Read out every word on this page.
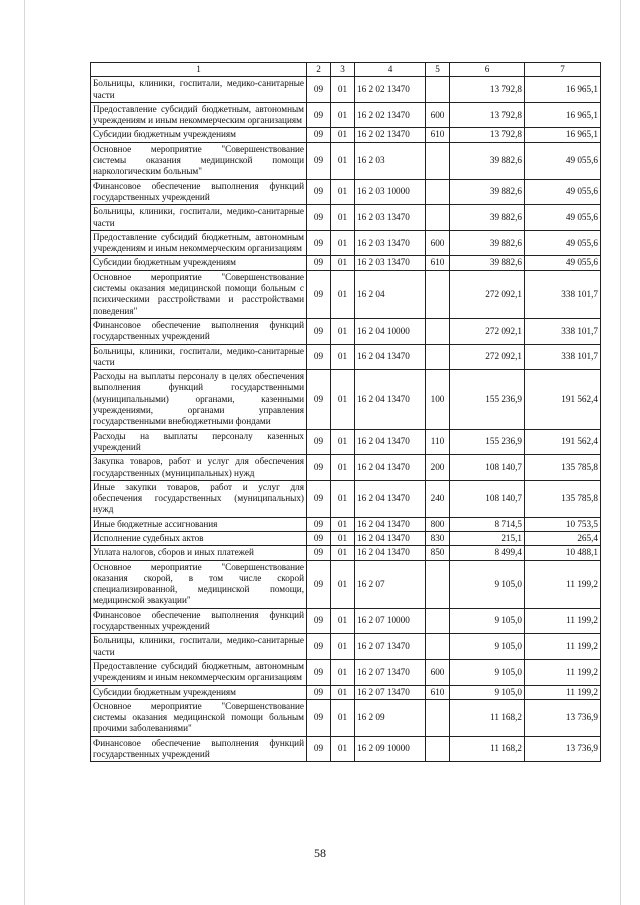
1	2	3	4	5	6	7
Больницы, клиники, госпитали, медико-санитарные части	09	01	16 2 02 13470		13 792,8	16 965,1
Предоставление субсидий бюджетным, автономным учреждениям и иным некоммерческим организациям	09	01	16 2 02 13470	600	13 792,8	16 965,1
Субсидии бюджетным учреждениям	09	01	16 2 02 13470	610	13 792,8	16 965,1
Основное мероприятие "Совершенствование системы оказания медицинской помощи наркологическим больным"	09	01	16 2 03		39 882,6	49 055,6
Финансовое обеспечение выполнения функций государственных учреждений	09	01	16 2 03 10000		39 882,6	49 055,6
Больницы, клиники, госпитали, медико-санитарные части	09	01	16 2 03 13470		39 882,6	49 055,6
Предоставление субсидий бюджетным, автономным учреждениям и иным некоммерческим организациям	09	01	16 2 03 13470	600	39 882,6	49 055,6
Субсидии бюджетным учреждениям	09	01	16 2 03 13470	610	39 882,6	49 055,6
Основное мероприятие "Совершенствование системы оказания медицинской помощи больным с психическими расстройствами и расстройствами поведения"	09	01	16 2 04		272 092,1	338 101,7
Финансовое обеспечение выполнения функций государственных учреждений	09	01	16 2 04 10000		272 092,1	338 101,7
Больницы, клиники, госпитали, медико-санитарные части	09	01	16 2 04 13470		272 092,1	338 101,7
Расходы на выплаты персоналу в целях обеспечения выполнения функций государственными (муниципальными) органами, казенными учреждениями, органами управления государственными внебюджетными фондами	09	01	16 2 04 13470	100	155 236,9	191 562,4
Расходы на выплаты персоналу казенных учреждений	09	01	16 2 04 13470	110	155 236,9	191 562,4
Закупка товаров, работ и услуг для обеспечения государственных (муниципальных) нужд	09	01	16 2 04 13470	200	108 140,7	135 785,8
Иные закупки товаров, работ и услуг для обеспечения государственных (муниципальных) нужд	09	01	16 2 04 13470	240	108 140,7	135 785,8
Иные бюджетные ассигнования	09	01	16 2 04 13470	800	8 714,5	10 753,5
Исполнение судебных актов	09	01	16 2 04 13470	830	215,1	265,4
Уплата налогов, сборов и иных платежей	09	01	16 2 04 13470	850	8 499,4	10 488,1
Основное мероприятие "Совершенствование оказания скорой, в том числе скорой специализированной, медицинской помощи, медицинской эвакуации"	09	01	16 2 07		9 105,0	11 199,2
Финансовое обеспечение выполнения функций государственных учреждений	09	01	16 2 07 10000		9 105,0	11 199,2
Больницы, клиники, госпитали, медико-санитарные части	09	01	16 2 07 13470		9 105,0	11 199,2
Предоставление субсидий бюджетным, автономным учреждениям и иным некоммерческим организациям	09	01	16 2 07 13470	600	9 105,0	11 199,2
Субсидии бюджетным учреждениям	09	01	16 2 07 13470	610	9 105,0	11 199,2
Основное мероприятие "Совершенствование системы оказания медицинской помощи больным прочими заболеваниями"	09	01	16 2 09		11 168,2	13 736,9
Финансовое обеспечение выполнения функций государственных учреждений	09	01	16 2 09 10000		11 168,2	13 736,9
58
